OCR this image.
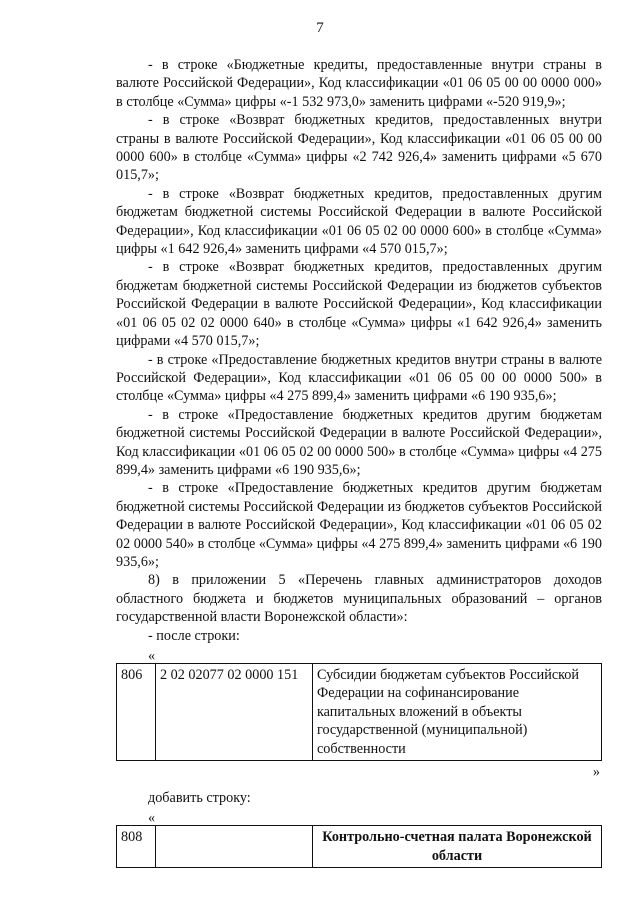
7

- в строке «Бюджетные кредиты, предоставленные внутри страны в валюте Российской Федерации», Код классификации «01 06 05 00 00 0000 000» в столбце «Сумма» цифры «-1 532 973,0» заменить цифрами «-520 919,9»;

- в строке «Возврат бюджетных кредитов, предоставленных внутри страны в валюте Российской Федерации», Код классификации «01 06 05 00 00 0000 600» в столбце «Сумма» цифры «2 742 926,4» заменить цифрами «5 670 015,7»;

- в строке «Возврат бюджетных кредитов, предоставленных другим бюджетам бюджетной системы Российской Федерации в валюте Российской Федерации», Код классификации «01 06 05 02 00 0000 600» в столбце «Сумма» цифры «1 642 926,4» заменить цифрами «4 570 015,7»;

- в строке «Возврат бюджетных кредитов, предоставленных другим бюджетам бюджетной системы Российской Федерации из бюджетов субъектов Российской Федерации в валюте Российской Федерации», Код классификации «01 06 05 02 02 0000 640» в столбце «Сумма» цифры «1 642 926,4» заменить цифрами «4 570 015,7»;

- в строке «Предоставление бюджетных кредитов внутри страны в валюте Российской Федерации», Код классификации «01 06 05 00 00 0000 500» в столбце «Сумма» цифры «4 275 899,4» заменить цифрами «6 190 935,6»;

- в строке «Предоставление бюджетных кредитов другим бюджетам бюджетной системы Российской Федерации в валюте Российской Федерации», Код классификации «01 06 05 02 00 0000 500» в столбце «Сумма» цифры «4 275 899,4» заменить цифрами «6 190 935,6»;

- в строке «Предоставление бюджетных кредитов другим бюджетам бюджетной системы Российской Федерации из бюджетов субъектов Российской Федерации в валюте Российской Федерации», Код классификации «01 06 05 02 02 0000 540» в столбце «Сумма» цифры «4 275 899,4» заменить цифрами «6 190 935,6»;

8) в приложении 5 «Перечень главных администраторов доходов областного бюджета и бюджетов муниципальных образований – органов государственной власти Воронежской области»:

- после строки:

«
806	2 02 02077 02 0000 151	Субсидии бюджетам субъектов Российской Федерации на софинансирование капитальных вложений в объекты государственной (муниципальной) собственности
»

добавить строку:

«
808		Контрольно-счетная палата Воронежской области
